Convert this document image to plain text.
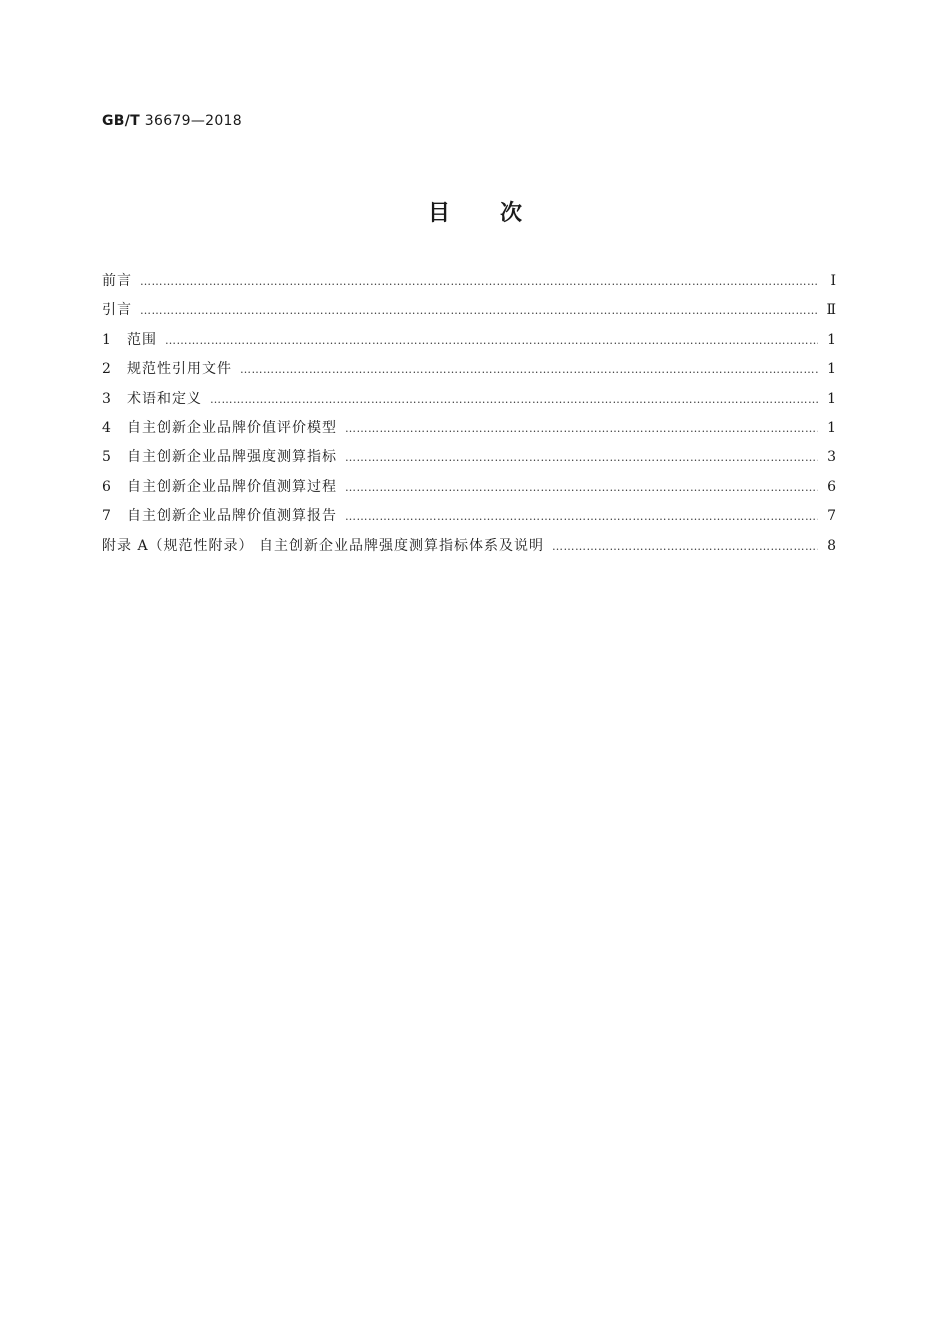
GB/T 36679—2018
目次
前言 ……………………………………………………………………………………………………………………………………………………………………………………………………	Ⅰ
引言 ……………………………………………………………………………………………………………………………………………………………………………………………………	Ⅱ
1	范围 ……………………………………………………………………………………………………………………………………………………………………………………………………	1
2	规范性引用文件 ……………………………………………………………………………………………………………………………………………………………………………………………………	1
3	术语和定义 ……………………………………………………………………………………………………………………………………………………………………………………………………	1
4	自主创新企业品牌价值评价模型 ……………………………………………………………………………………………………………………………………………………………………………………………………	1
5	自主创新企业品牌强度测算指标 ……………………………………………………………………………………………………………………………………………………………………………………………………	3
6	自主创新企业品牌价值测算过程 ……………………………………………………………………………………………………………………………………………………………………………………………………	6
7	自主创新企业品牌价值测算报告 ……………………………………………………………………………………………………………………………………………………………………………………………………	7
附录 A（规范性附录） 自主创新企业品牌强度测算指标体系及说明 ……………………………………………………………………………………………………………………………………………………………………………………………………	8
